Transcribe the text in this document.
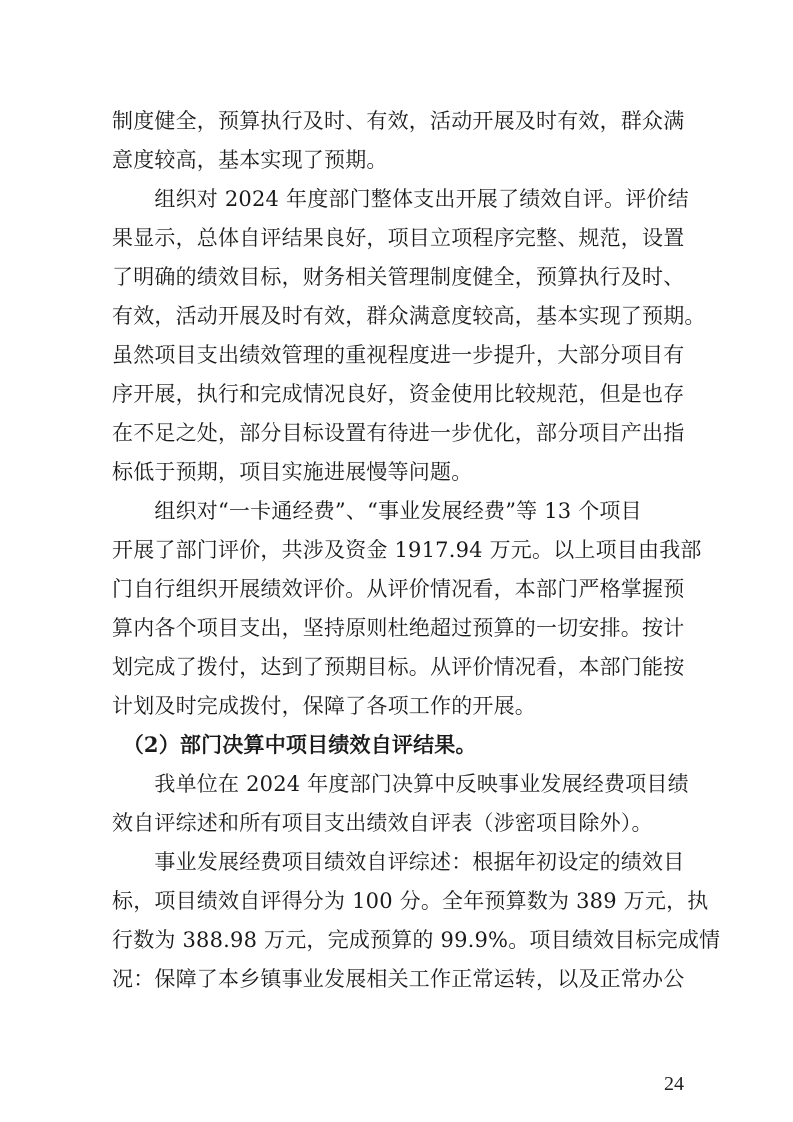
制度健全，预算执行及时、有效，活动开展及时有效，群众满
意度较高，基本实现了预期。
　　组织对 2024 年度部门整体支出开展了绩效自评。评价结
果显示，总体自评结果良好，项目立项程序完整、规范，设置
了明确的绩效目标，财务相关管理制度健全，预算执行及时、
有效，活动开展及时有效，群众满意度较高，基本实现了预期。
虽然项目支出绩效管理的重视程度进一步提升，大部分项目有
序开展，执行和完成情况良好，资金使用比较规范，但是也存
在不足之处，部分目标设置有待进一步优化，部分项目产出指
标低于预期，项目实施进展慢等问题。
　　组织对“一卡通经费”、“事业发展经费”等 13 个项目
开展了部门评价，共涉及资金 1917.94 万元。以上项目由我部
门自行组织开展绩效评价。从评价情况看，本部门严格掌握预
算内各个项目支出，坚持原则杜绝超过预算的一切安排。按计
划完成了拨付，达到了预期目标。从评价情况看，本部门能按
计划及时完成拨付，保障了各项工作的开展。
　（2）部门决算中项目绩效自评结果。
　　我单位在 2024 年度部门决算中反映事业发展经费项目绩
效自评综述和所有项目支出绩效自评表（涉密项目除外）。
　　事业发展经费项目绩效自评综述：根据年初设定的绩效目
标，项目绩效自评得分为 100 分。全年预算数为 389 万元，执
行数为 388.98 万元，完成预算的 99.9%。项目绩效目标完成情
况：保障了本乡镇事业发展相关工作正常运转，以及正常办公
24
